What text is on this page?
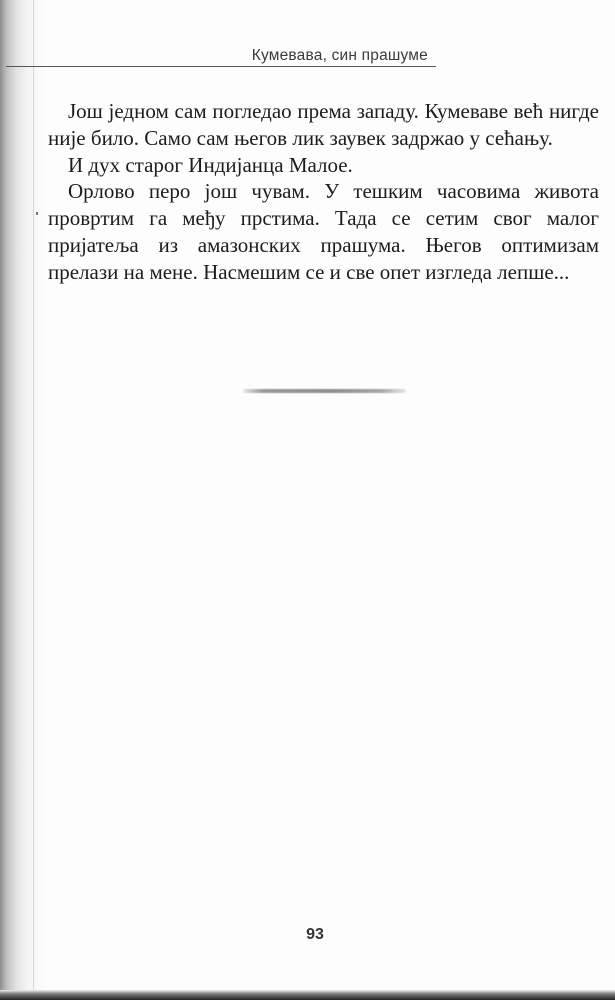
Кумевава, син прашуме

Још једном сам погледао према западу. Кумеваве већ нигде није било. Само сам његов лик заувек задржао у сећању.

И дух старог Индијанца Малое.

Орлово перо још чувам. У тешким часовима живота провртим га међу прстима. Тада се сетим свог малог пријатеља из амазонских прашума. Његов оптимизам прелази на мене. Насмешим се и све опет изгледа лепше...

93
